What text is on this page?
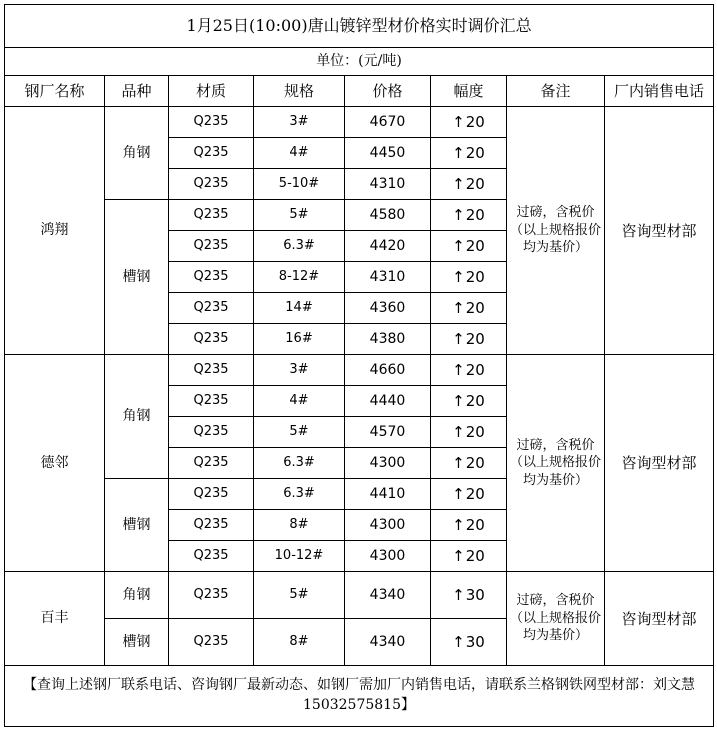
1月25日(10:00)唐山镀锌型材价格实时调价汇总							
单位：(元/吨)							
钢厂名称	品种	材质	规格	价格	幅度	备注	厂内销售电话
鸿翔	角钢	Q235	3#	4670	↑20	过磅，含税价（以上规格报价均为基价）	咨询型材部
		Q235	4#	4450	↑20		
		Q235	5-10#	4310	↑20		
	槽钢	Q235	5#	4580	↑20		
		Q235	6.3#	4420	↑20		
		Q235	8-12#	4310	↑20		
		Q235	14#	4360	↑20		
		Q235	16#	4380	↑20		
德邻	角钢	Q235	3#	4660	↑20	过磅，含税价（以上规格报价均为基价）	咨询型材部
		Q235	4#	4440	↑20		
		Q235	5#	4570	↑20		
		Q235	6.3#	4300	↑20		
	槽钢	Q235	6.3#	4410	↑20		
		Q235	8#	4300	↑20		
		Q235	10-12#	4300	↑20		
百丰	角钢	Q235	5#	4340	↑30	过磅，含税价（以上规格报价均为基价）	咨询型材部
	槽钢	Q235	8#	4340	↑30		
【查询上述钢厂联系电话、咨询钢厂最新动态、如钢厂需加厂内销售电话，请联系兰格钢铁网型材部：刘文慧15032575815】							
